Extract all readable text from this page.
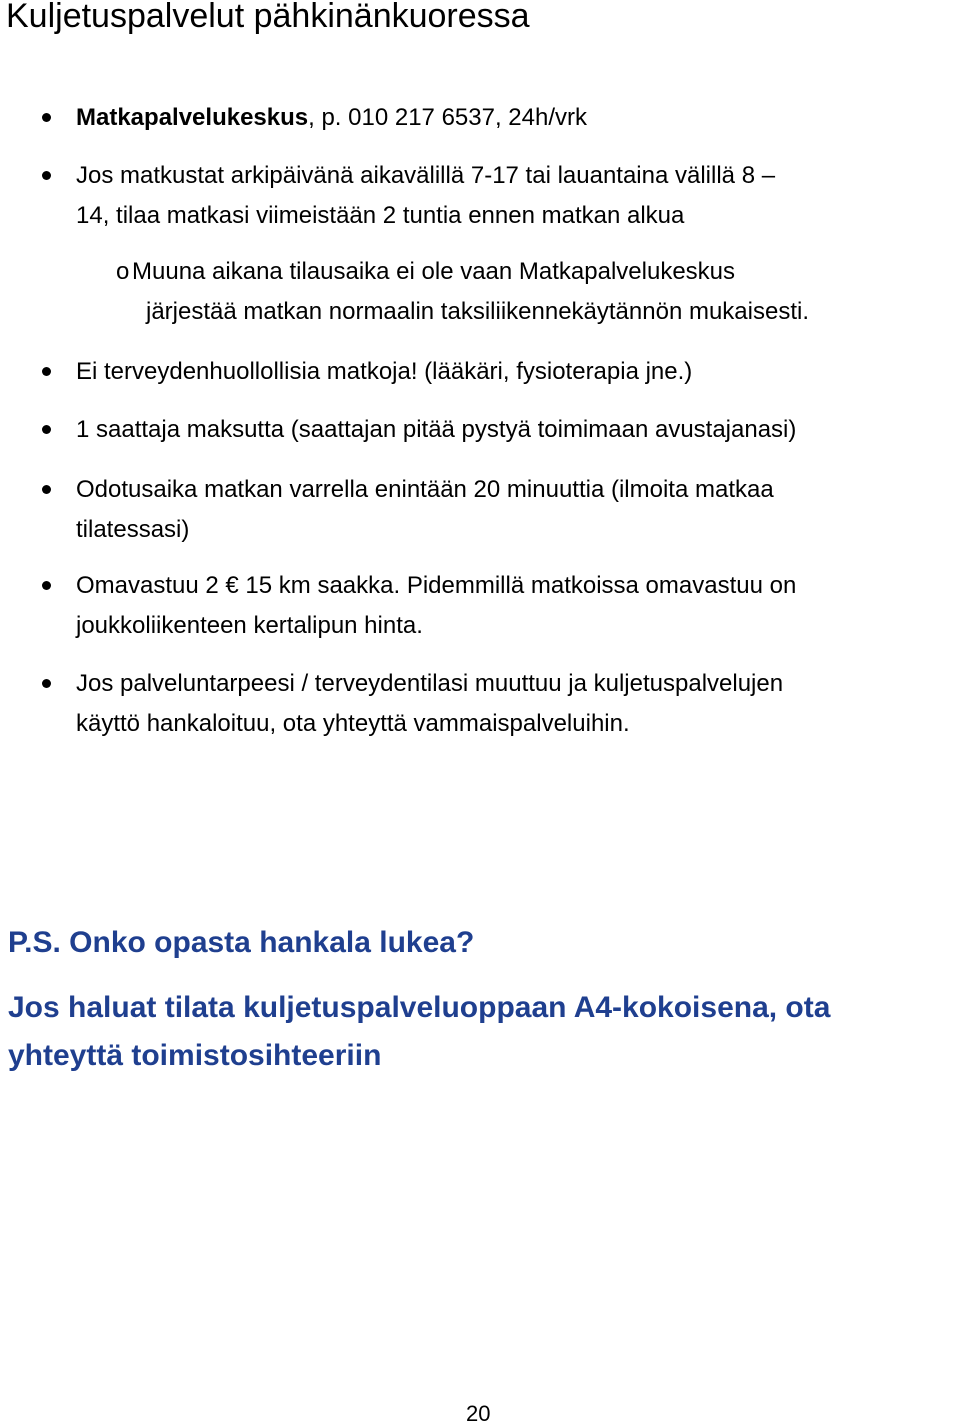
Kuljetuspalvelut pähkinänkuoressa
Matkapalvelukeskus, p. 010 217 6537, 24h/vrk
Jos matkustat arkipäivänä aikavälillä 7-17 tai lauantaina välillä 8 –
14, tilaa matkasi viimeistään 2 tuntia ennen matkan alkua
Ei terveydenhuollollisia matkoja! (lääkäri, fysioterapia jne.)
1 saattaja maksutta (saattajan pitää pystyä toimimaan avustajanasi)
Odotusaika matkan varrella enintään 20 minuuttia (ilmoita matkaa
tilatessasi)
Omavastuu 2 € 15 km saakka. Pidemmillä matkoissa omavastuu on
joukkoliikenteen kertalipun hinta.
Jos palveluntarpeesi / terveydentilasi muuttuu ja kuljetuspalvelujen
käyttö hankaloituu, ota yhteyttä vammaispalveluihin.
o Muuna aikana tilausaika ei ole vaan Matkapalvelukeskus
järjestää matkan normaalin taksiliikennekäytännön mukaisesti.

P.S. Onko opasta hankala lukea?

Jos haluat tilata kuljetuspalveluoppaan A4-kokoisena, ota
yhteyttä toimistosihteeriin

20
